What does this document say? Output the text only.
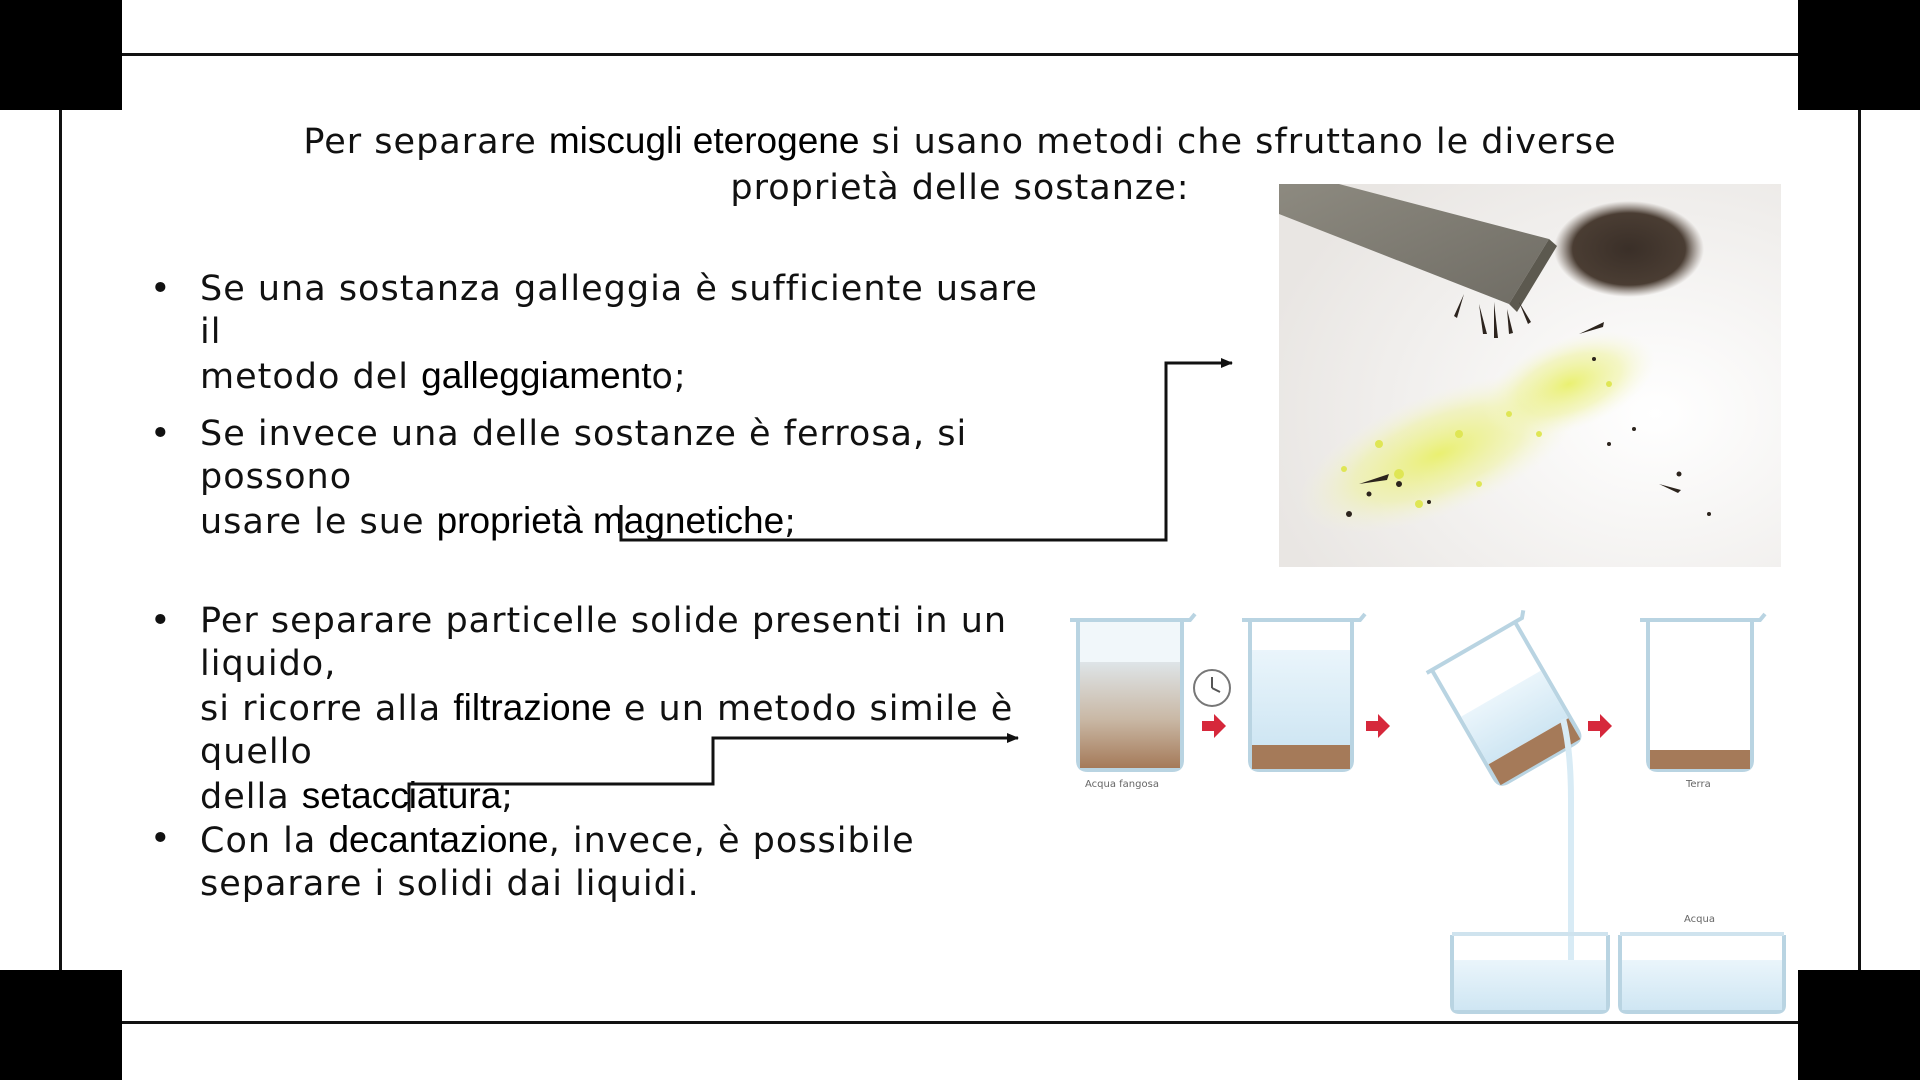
Per separare miscugli eterogene si usano metodi che sfruttano le diverse proprietà delle sostanze:
• Se una sostanza galleggia è sufficiente usare il
metodo del galleggiamento;
• Se invece una delle sostanze è ferrosa, si possono
usare le sue proprietà magnetiche;
• Per separare particelle solide presenti in un liquido,
si ricorre alla filtrazione e un metodo simile è quello
della setacciatura;
• Con la decantazione, invece, è possibile
separare i solidi dai liquidi.
Acqua fangosa	Terra
Acqua
